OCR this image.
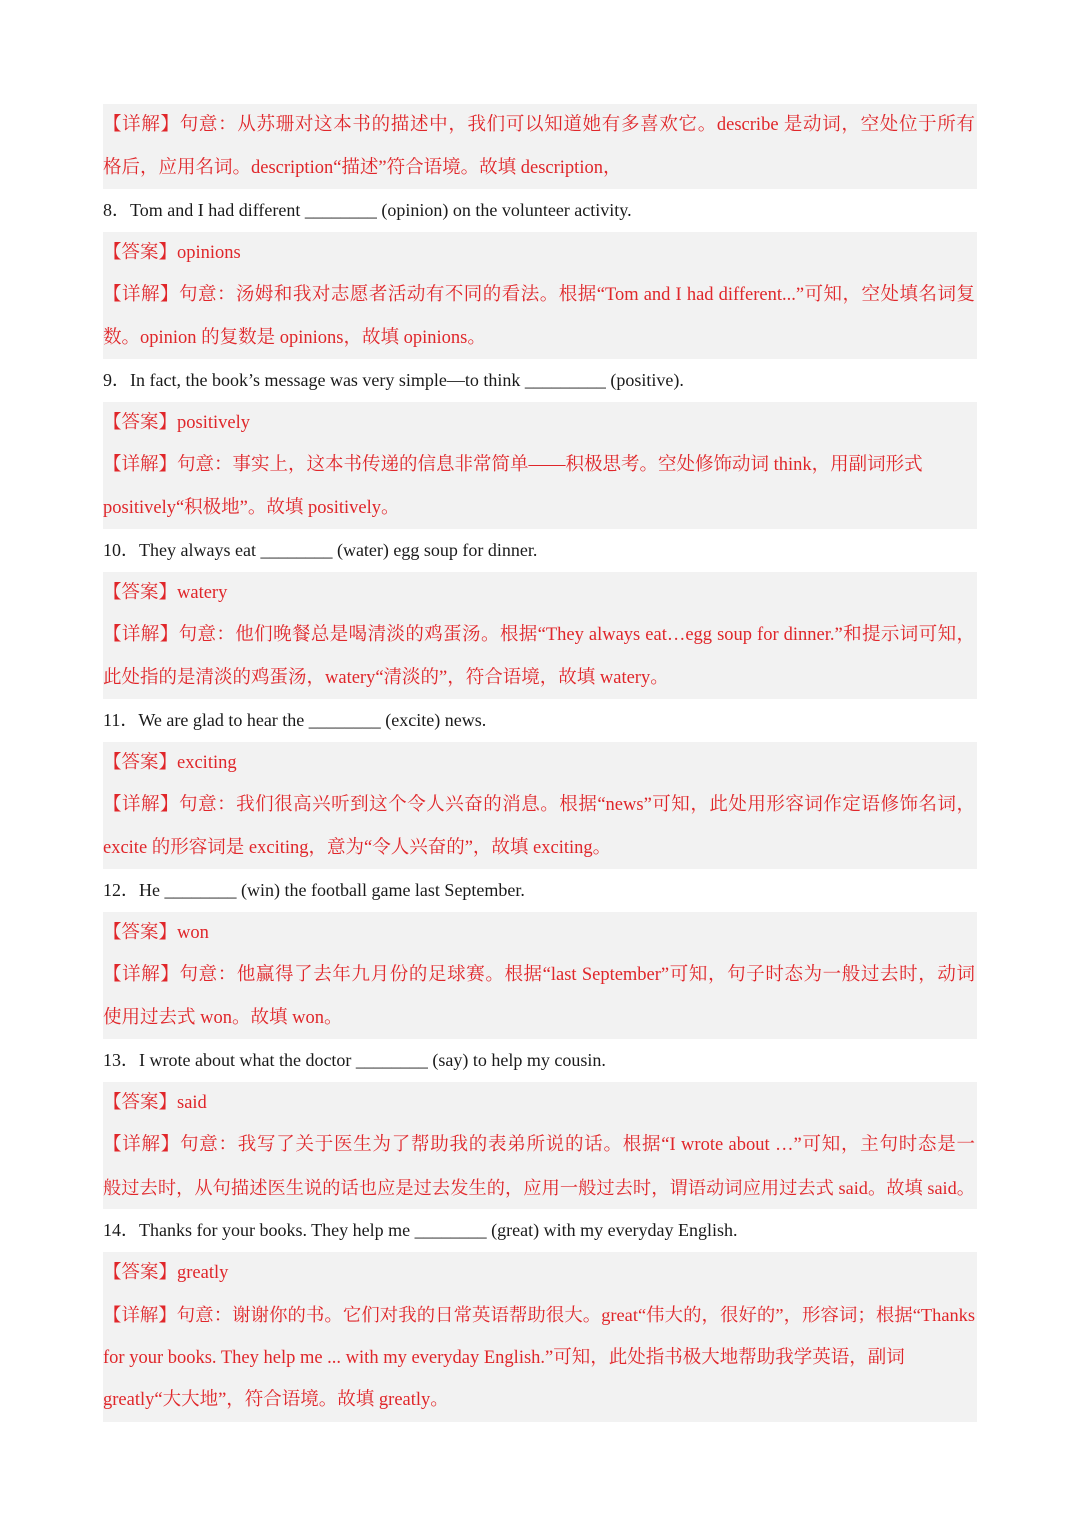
【详解】句意：从苏珊对这本书的描述中，我们可以知道她有多喜欢它。describe 是动词，空处位于所有
格后，应用名词。description“描述”符合语境。故填 description，
8．Tom and I had different ________ (opinion) on the volunteer activity.
【答案】opinions
【详解】句意：汤姆和我对志愿者活动有不同的看法。根据“Tom and I had different...”可知，空处填名词复
数。opinion 的复数是 opinions，故填 opinions。
9．In fact, the book’s message was very simple—to think _________ (positive).
【答案】positively
【详解】句意：事实上，这本书传递的信息非常简单——积极思考。空处修饰动词 think，用副词形式
positively“积极地”。故填 positively。
10．They always eat ________ (water) egg soup for dinner.
【答案】watery
【详解】句意：他们晚餐总是喝清淡的鸡蛋汤。根据“They always eat…egg soup for dinner.”和提示词可知，
此处指的是清淡的鸡蛋汤，watery“清淡的”，符合语境，故填 watery。
11．We are glad to hear the ________ (excite) news.
【答案】exciting
【详解】句意：我们很高兴听到这个令人兴奋的消息。根据“news”可知，此处用形容词作定语修饰名词，
excite 的形容词是 exciting，意为“令人兴奋的”，故填 exciting。
12．He ________ (win) the football game last September.
【答案】won
【详解】句意：他赢得了去年九月份的足球赛。根据“last September”可知，句子时态为一般过去时，动词
使用过去式 won。故填 won。
13．I wrote about what the doctor ________ (say) to help my cousin.
【答案】said
【详解】句意：我写了关于医生为了帮助我的表弟所说的话。根据“I wrote about …”可知，主句时态是一
般过去时，从句描述医生说的话也应是过去发生的，应用一般过去时，谓语动词应用过去式 said。故填 said。
14．Thanks for your books. They help me ________ (great) with my everyday English.
【答案】greatly
【详解】句意：谢谢你的书。它们对我的日常英语帮助很大。great“伟大的，很好的”，形容词；根据“Thanks
for your books. They help me ... with my everyday English.”可知，此处指书极大地帮助我学英语，副词
greatly“大大地”，符合语境。故填 greatly。
